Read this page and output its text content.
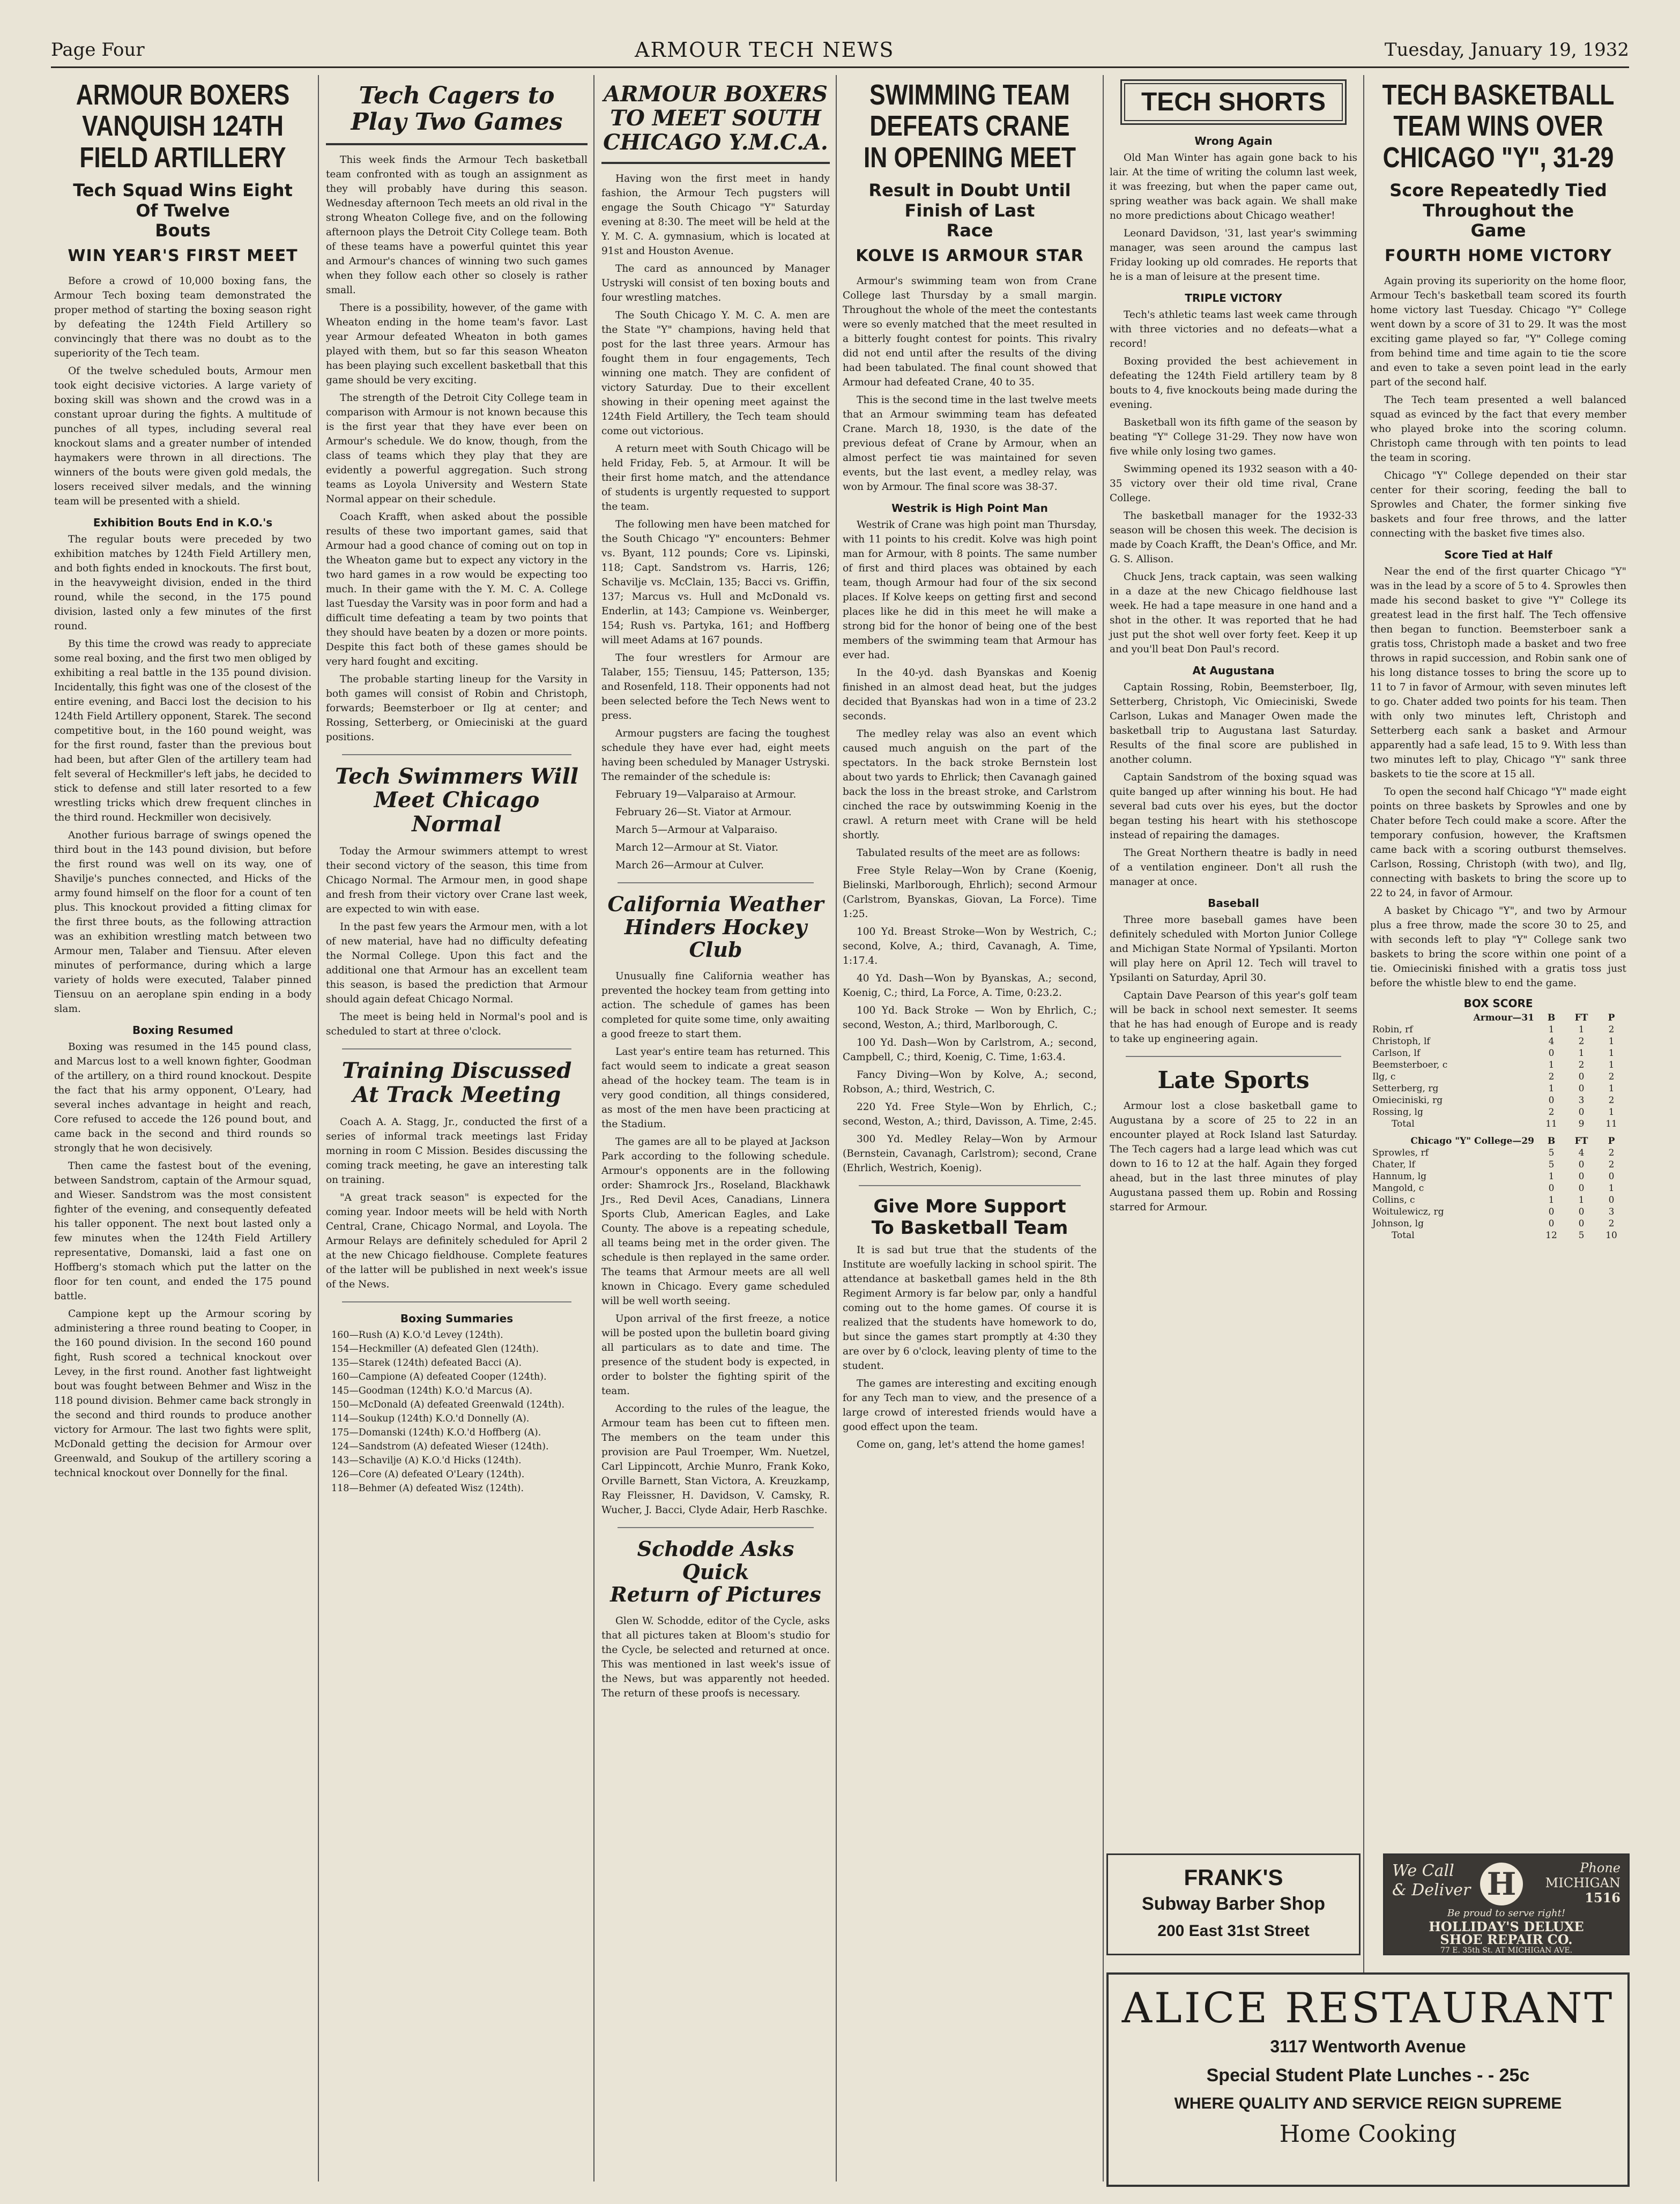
Page Four	ARMOUR TECH NEWS	Tuesday, January 19, 1932
ARMOUR BOXERS
VANQUISH 124TH
FIELD ARTILLERY
Tech Squad Wins Eight
Of Twelve
Bouts
WIN YEAR'S FIRST MEET

Before a crowd of 10,000 boxing fans, the Armour Tech boxing team demonstrated the proper method of starting the boxing season right by defeating the 124th Field Artillery so convincingly that there was no doubt as to the superiority of the Tech team.

Of the twelve scheduled bouts, Armour men took eight decisive victories. A large variety of boxing skill was shown and the crowd was in a constant uproar during the fights. A multitude of punches of all types, including several real knockout slams and a greater number of intended haymakers were thrown in all directions. The winners of the bouts were given gold medals, the losers received silver medals, and the winning team will be presented with a shield.

Exhibition Bouts End in K.O.'s

The regular bouts were preceded by two exhibition matches by 124th Field Artillery men, and both fights ended in knockouts. The first bout, in the heavyweight division, ended in the third round, while the second, in the 175 pound division, lasted only a few minutes of the first round.

By this time the crowd was ready to appreciate some real boxing, and the first two men obliged by exhibiting a real battle in the 135 pound division. Incidentally, this fight was one of the closest of the entire evening, and Bacci lost the decision to his 124th Field Artillery opponent, Starek. The second competitive bout, in the 160 pound weight, was for the first round, faster than the previous bout had been, but after Glen of the artillery team had felt several of Heckmiller's left jabs, he decided to stick to defense and still later resorted to a few wrestling tricks which drew frequent clinches in the third round. Heckmiller won decisively.

Another furious barrage of swings opened the third bout in the 143 pound division, but before the first round was well on its way, one of Shavilje's punches connected, and Hicks of the army found himself on the floor for a count of ten plus. This knockout provided a fitting climax for the first three bouts, as the following attraction was an exhibition wrestling match between two Armour men, Talaber and Tiensuu. After eleven minutes of performance, during which a large variety of holds were executed, Talaber pinned Tiensuu on an aeroplane spin ending in a body slam.

Boxing Resumed

Boxing was resumed in the 145 pound class, and Marcus lost to a well known fighter, Goodman of the artillery, on a third round knockout. Despite the fact that his army opponent, O'Leary, had several inches advantage in height and reach, Core refused to accede the 126 pound bout, and came back in the second and third rounds so strongly that he won decisively.

Then came the fastest bout of the evening, between Sandstrom, captain of the Armour squad, and Wieser. Sandstrom was the most consistent fighter of the evening, and consequently defeated his taller opponent. The next bout lasted only a few minutes when the 124th Field Artillery representative, Domanski, laid a fast one on Hoffberg's stomach which put the latter on the floor for ten count, and ended the 175 pound battle.

Campione kept up the Armour scoring by administering a three round beating to Cooper, in the 160 pound division. In the second 160 pound fight, Rush scored a technical knockout over Levey, in the first round. Another fast lightweight bout was fought between Behmer and Wisz in the 118 pound division. Behmer came back strongly in the second and third rounds to produce another victory for Armour. The last two fights were split, McDonald getting the decision for Armour over Greenwald, and Soukup of the artillery scoring a technical knockout over Donnelly for the final.

Tech Cagers to
Play Two Games

This week finds the Armour Tech basketball team confronted with as tough an assignment as they will probably have during this season. Wednesday afternoon Tech meets an old rival in the strong Wheaton College five, and on the following afternoon plays the Detroit City College team. Both of these teams have a powerful quintet this year and Armour's chances of winning two such games when they follow each other so closely is rather small.

There is a possibility, however, of the game with Wheaton ending in the home team's favor. Last year Armour defeated Wheaton in both games played with them, but so far this season Wheaton has been playing such excellent basketball that this game should be very exciting.

The strength of the Detroit City College team in comparison with Armour is not known because this is the first year that they have ever been on Armour's schedule. We do know, though, from the class of teams which they play that they are evidently a powerful aggregation. Such strong teams as Loyola University and Western State Normal appear on their schedule.

Coach Krafft, when asked about the possible results of these two important games, said that Armour had a good chance of coming out on top in the Wheaton game but to expect any victory in the two hard games in a row would be expecting too much. In their game with the Y. M. C. A. College last Tuesday the Varsity was in poor form and had a difficult time defeating a team by two points that they should have beaten by a dozen or more points. Despite this fact both of these games should be very hard fought and exciting.

The probable starting lineup for the Varsity in both games will consist of Robin and Christoph, forwards; Beemsterboer or Ilg at center; and Rossing, Setterberg, or Omieciniski at the guard positions.

Tech Swimmers Will
Meet Chicago Normal

Today the Armour swimmers attempt to wrest their second victory of the season, this time from Chicago Normal. The Armour men, in good shape and fresh from their victory over Crane last week, are expected to win with ease.

In the past few years the Armour men, with a lot of new material, have had no difficulty defeating the Normal College. Upon this fact and the additional one that Armour has an excellent team this season, is based the prediction that Armour should again defeat Chicago Normal.

The meet is being held in Normal's pool and is scheduled to start at three o'clock.

Training Discussed
At Track Meeting

Coach A. A. Stagg, Jr., conducted the first of a series of informal track meetings last Friday morning in room C Mission. Besides discussing the coming track meeting, he gave an interesting talk on training.

"A great track season" is expected for the coming year. Indoor meets will be held with North Central, Crane, Chicago Normal, and Loyola. The Armour Relays are definitely scheduled for April 2 at the new Chicago fieldhouse. Complete features of the latter will be published in next week's issue of the News.

Boxing Summaries
160—Rush (A) K.O.'d Levey (124th).
154—Heckmiller (A) defeated Glen (124th).
135—Starek (124th) defeated Bacci (A).
160—Campione (A) defeated Cooper (124th).
145—Goodman (124th) K.O.'d Marcus (A).
150—McDonald (A) defeated Greenwald (124th).
114—Soukup (124th) K.O.'d Donnelly (A).
175—Domanski (124th) K.O.'d Hoffberg (A).
124—Sandstrom (A) defeated Wieser (124th).
143—Schavilje (A) K.O.'d Hicks (124th).
126—Core (A) defeated O'Leary (124th).
118—Behmer (A) defeated Wisz (124th).
ARMOUR BOXERS
TO MEET SOUTH
CHICAGO Y.M.C.A.

Having won the first meet in handy fashion, the Armour Tech pugsters will engage the South Chicago "Y" Saturday evening at 8:30. The meet will be held at the Y. M. C. A. gymnasium, which is located at 91st and Houston Avenue.

The card as announced by Manager Ustryski will consist of ten boxing bouts and four wrestling matches.

The South Chicago Y. M. C. A. men are the State "Y" champions, having held that post for the last three years. Armour has fought them in four engagements, Tech winning one match. They are confident of victory Saturday. Due to their excellent showing in their opening meet against the 124th Field Artillery, the Tech team should come out victorious.

A return meet with South Chicago will be held Friday, Feb. 5, at Armour. It will be their first home match, and the attendance of students is urgently requested to support the team.

The following men have been matched for the South Chicago "Y" encounters: Behmer vs. Byant, 112 pounds; Core vs. Lipinski, 118; Capt. Sandstrom vs. Harris, 126; Schavilje vs. McClain, 135; Bacci vs. Griffin, 137; Marcus vs. Hull and McDonald vs. Enderlin, at 143; Campione vs. Weinberger, 154; Rush vs. Partyka, 161; and Hoffberg will meet Adams at 167 pounds.

The four wrestlers for Armour are Talaber, 155; Tiensuu, 145; Patterson, 135; and Rosenfeld, 118. Their opponents had not been selected before the Tech News went to press.

Armour pugsters are facing the toughest schedule they have ever had, eight meets having been scheduled by Manager Ustryski. The remainder of the schedule is:

February 19—Valparaiso at Armour.

February 26—St. Viator at Armour.

March 5—Armour at Valparaiso.

March 12—Armour at St. Viator.

March 26—Armour at Culver.

California Weather
Hinders Hockey Club

Unusually fine California weather has prevented the hockey team from getting into action. The schedule of games has been completed for quite some time, only awaiting a good freeze to start them.

Last year's entire team has returned. This fact would seem to indicate a great season ahead of the hockey team. The team is in very good condition, all things considered, as most of the men have been practicing at the Stadium.

The games are all to be played at Jackson Park according to the following schedule. Armour's opponents are in the following order: Shamrock Jrs., Roseland, Blackhawk Jrs., Red Devil Aces, Canadians, Linnera Sports Club, American Eagles, and Lake County. The above is a repeating schedule, all teams being met in the order given. The schedule is then replayed in the same order. The teams that Armour meets are all well known in Chicago. Every game scheduled will be well worth seeing.

Upon arrival of the first freeze, a notice will be posted upon the bulletin board giving all particulars as to date and time. The presence of the student body is expected, in order to bolster the fighting spirit of the team.

According to the rules of the league, the Armour team has been cut to fifteen men. The members on the team under this provision are Paul Troemper, Wm. Nuetzel, Carl Lippincott, Archie Munro, Frank Koko, Orville Barnett, Stan Victora, A. Kreuzkamp, Ray Fleissner, H. Davidson, V. Camsky, R. Wucher, J. Bacci, Clyde Adair, Herb Raschke.

Schodde Asks Quick
Return of Pictures

Glen W. Schodde, editor of the Cycle, asks that all pictures taken at Bloom's studio for the Cycle, be selected and returned at once. This was mentioned in last week's issue of the News, but was apparently not heeded. The return of these proofs is necessary.

SWIMMING TEAM
DEFEATS CRANE
IN OPENING MEET
Result in Doubt Until
Finish of Last
Race
KOLVE IS ARMOUR STAR

Armour's swimming team won from Crane College last Thursday by a small margin. Throughout the whole of the meet the contestants were so evenly matched that the meet resulted in a bitterly fought contest for points. This rivalry did not end until after the results of the diving had been tabulated. The final count showed that Armour had defeated Crane, 40 to 35.

This is the second time in the last twelve meets that an Armour swimming team has defeated Crane. March 18, 1930, is the date of the previous defeat of Crane by Armour, when an almost perfect tie was maintained for seven events, but the last event, a medley relay, was won by Armour. The final score was 38-37.

Westrik is High Point Man

Westrik of Crane was high point man Thursday, with 11 points to his credit. Kolve was high point man for Armour, with 8 points. The same number of first and third places was obtained by each team, though Armour had four of the six second places. If Kolve keeps on getting first and second places like he did in this meet he will make a strong bid for the honor of being one of the best members of the swimming team that Armour has ever had.

In the 40-yd. dash Byanskas and Koenig finished in an almost dead heat, but the judges decided that Byanskas had won in a time of 23.2 seconds.

The medley relay was also an event which caused much anguish on the part of the spectators. In the back stroke Bernstein lost about two yards to Ehrlick; then Cavanagh gained back the loss in the breast stroke, and Carlstrom cinched the race by outswimming Koenig in the crawl. A return meet with Crane will be held shortly.

Tabulated results of the meet are as follows:

Free Style Relay—Won by Crane (Koenig, Bielinski, Marlborough, Ehrlich); second Armour (Carlstrom, Byanskas, Giovan, La Force). Time 1:25.

100 Yd. Breast Stroke—Won by Westrich, C.; second, Kolve, A.; third, Cavanagh, A. Time, 1:17.4.

40 Yd. Dash—Won by Byanskas, A.; second, Koenig, C.; third, La Force, A. Time, 0:23.2.

100 Yd. Back Stroke — Won by Ehrlich, C.; second, Weston, A.; third, Marlborough, C.

100 Yd. Dash—Won by Carlstrom, A.; second, Campbell, C.; third, Koenig, C. Time, 1:63.4.

Fancy Diving—Won by Kolve, A.; second, Robson, A.; third, Westrich, C.

220 Yd. Free Style—Won by Ehrlich, C.; second, Weston, A.; third, Davisson, A. Time, 2:45.

300 Yd. Medley Relay—Won by Armour (Bernstein, Cavanagh, Carlstrom); second, Crane (Ehrlich, Westrich, Koenig).

Give More Support
To Basketball Team

It is sad but true that the students of the Institute are woefully lacking in school spirit. The attendance at basketball games held in the 8th Regiment Armory is far below par, only a handful coming out to the home games. Of course it is realized that the students have homework to do, but since the games start promptly at 4:30 they are over by 6 o'clock, leaving plenty of time to the student.

The games are interesting and exciting enough for any Tech man to view, and the presence of a large crowd of interested friends would have a good effect upon the team.

Come on, gang, let's attend the home games!

TECH SHORTS
Wrong Again

Old Man Winter has again gone back to his lair. At the time of writing the column last week, it was freezing, but when the paper came out, spring weather was back again. We shall make no more predictions about Chicago weather!

Leonard Davidson, '31, last year's swimming manager, was seen around the campus last Friday looking up old comrades. He reports that he is a man of leisure at the present time.

TRIPLE VICTORY

Tech's athletic teams last week came through with three victories and no defeats—what a record!

Boxing provided the best achievement in defeating the 124th Field artillery team by 8 bouts to 4, five knockouts being made during the evening.

Basketball won its fifth game of the season by beating "Y" College 31-29. They now have won five while only losing two games.

Swimming opened its 1932 season with a 40-35 victory over their old time rival, Crane College.

The basketball manager for the 1932-33 season will be chosen this week. The decision is made by Coach Krafft, the Dean's Office, and Mr. G. S. Allison.

Chuck Jens, track captain, was seen walking in a daze at the new Chicago fieldhouse last week. He had a tape measure in one hand and a shot in the other. It was reported that he had just put the shot well over forty feet. Keep it up and you'll beat Don Paul's record.

At Augustana

Captain Rossing, Robin, Beemsterboer, Ilg, Setterberg, Christoph, Vic Omieciniski, Swede Carlson, Lukas and Manager Owen made the basketball trip to Augustana last Saturday. Results of the final score are published in another column.

Captain Sandstrom of the boxing squad was quite banged up after winning his bout. He had several bad cuts over his eyes, but the doctor began testing his heart with his stethoscope instead of repairing the damages.

The Great Northern theatre is badly in need of a ventilation engineer. Don't all rush the manager at once.

Baseball

Three more baseball games have been definitely scheduled with Morton Junior College and Michigan State Normal of Ypsilanti. Morton will play here on April 12. Tech will travel to Ypsilanti on Saturday, April 30.

Captain Dave Pearson of this year's golf team will be back in school next semester. It seems that he has had enough of Europe and is ready to take up engineering again.

Late Sports

Armour lost a close basketball game to Augustana by a score of 25 to 22 in an encounter played at Rock Island last Saturday. The Tech cagers had a large lead which was cut down to 16 to 12 at the half. Again they forged ahead, but in the last three minutes of play Augustana passed them up. Robin and Rossing starred for Armour.

TECH BASKETBALL
TEAM WINS OVER
CHICAGO "Y", 31-29
Score Repeatedly Tied
Throughout the
Game
FOURTH HOME VICTORY

Again proving its superiority on the home floor, Armour Tech's basketball team scored its fourth home victory last Tuesday. Chicago "Y" College went down by a score of 31 to 29. It was the most exciting game played so far, "Y" College coming from behind time and time again to tie the score and even to take a seven point lead in the early part of the second half.

The Tech team presented a well balanced squad as evinced by the fact that every member who played broke into the scoring column. Christoph came through with ten points to lead the team in scoring.

Chicago "Y" College depended on their star center for their scoring, feeding the ball to Sprowles and Chater, the former sinking five baskets and four free throws, and the latter connecting with the basket five times also.

Score Tied at Half

Near the end of the first quarter Chicago "Y" was in the lead by a score of 5 to 4. Sprowles then made his second basket to give "Y" College its greatest lead in the first half. The Tech offensive then began to function. Beemsterboer sank a gratis toss, Christoph made a basket and two free throws in rapid succession, and Robin sank one of his long distance tosses to bring the score up to 11 to 7 in favor of Armour, with seven minutes left to go. Chater added two points for his team. Then with only two minutes left, Christoph and Setterberg each sank a basket and Armour apparently had a safe lead, 15 to 9. With less than two minutes left to play, Chicago "Y" sank three baskets to tie the score at 15 all.

To open the second half Chicago "Y" made eight points on three baskets by Sprowles and one by Chater before Tech could make a score. After the temporary confusion, however, the Kraftsmen came back with a scoring outburst themselves. Carlson, Rossing, Christoph (with two), and Ilg, connecting with baskets to bring the score up to 22 to 24, in favor of Armour.

A basket by Chicago "Y", and two by Armour plus a free throw, made the score 30 to 25, and with seconds left to play "Y" College sank two baskets to bring the score within one point of a tie. Omieciniski finished with a gratis toss just before the whistle blew to end the game.

BOX SCORE
Armour—31	B	FT	P
Robin, rf	1	1	2
Christoph, lf	4	2	1
Carlson, lf	0	1	1
Beemsterboer, c	1	2	1
Ilg, c	2	0	2
Setterberg, rg	1	0	1
Omieciniski, rg	0	3	2
Rossing, lg	2	0	1
Total	11	9	11
Chicago "Y" College—29	B	FT	P
Sprowles, rf	5	4	2
Chater, lf	5	0	2
Hannum, lg	1	0	0
Mangold, c	0	0	1
Collins, c	1	1	0
Woitulewicz, rg	0	0	3
Johnson, lg	0	0	2
Total	12	5	10
FRANK'S
Subway Barber Shop
200 East 31st Street
We Call
& Deliver H	Phone
MICHIGAN
1516
Be proud to serve right!
HOLLIDAY'S DELUXE
SHOE REPAIR CO.
77 E. 35th St. AT MICHIGAN AVE.
ALICE RESTAURANT
3117 Wentworth Avenue
Special Student Plate Lunches - - 25c
WHERE QUALITY AND SERVICE REIGN SUPREME
Home Cooking
